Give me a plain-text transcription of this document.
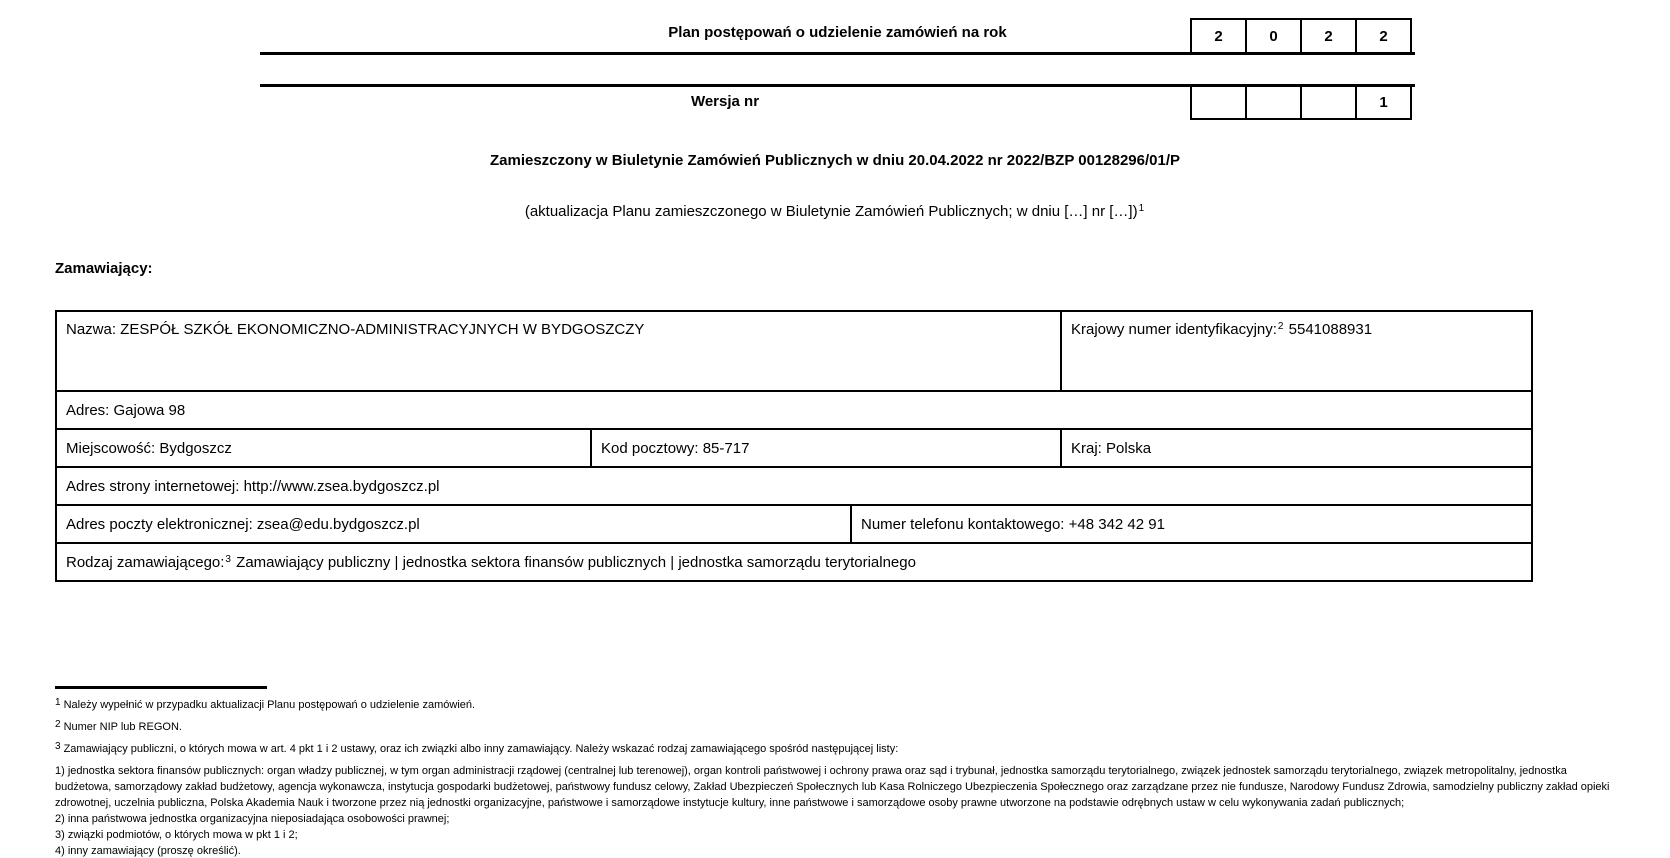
Plan postępowań o udzielenie zamówień na rok	2	0	2	2
Wersja nr	1
Zamieszczony w Biuletynie Zamówień Publicznych w dniu 20.04.2022 nr 2022/BZP 00128296/01/P
(aktualizacja Planu zamieszczonego w Biuletynie Zamówień Publicznych; w dniu […] nr […])$^1$
Zamawiający:
Nazwa: ZESPÓŁ SZKÓŁ EKONOMICZNO-ADMINISTRACYJNYCH W BYDGOSZCZY			Krajowy numer identyfikacyjny:$^2$ 5541088931
Adres: Gajowa 98			
Miejscowość: Bydgoszcz	Kod pocztowy: 85-717		Kraj: Polska
Adres strony internetowej: http://www.zsea.bydgoszcz.pl			
Adres poczty elektronicznej: zsea@edu.bydgoszcz.pl		Numer telefonu kontaktowego: +48 342 42 91	
Rodzaj zamawiającego:$^3$ Zamawiający publiczny | jednostka sektora finansów publicznych | jednostka samorządu terytorialnego			

1 Należy wypełnić w przypadku aktualizacji Planu postępowań o udzielenie zamówień.

2 Numer NIP lub REGON.

3 Zamawiający publiczni, o których mowa w art. 4 pkt 1 i 2 ustawy, oraz ich związki albo inny zamawiający. Należy wskazać rodzaj zamawiającego spośród następującej listy:

1) jednostka sektora finansów publicznych: organ władzy publicznej, w tym organ administracji rządowej (centralnej lub terenowej), organ kontroli państwowej i ochrony prawa oraz sąd i trybunał, jednostka samorządu terytorialnego, związek jednostek samorządu terytorialnego, związek metropolitalny, jednostka budżetowa, samorządowy zakład budżetowy, agencja wykonawcza, instytucja gospodarki budżetowej, państwowy fundusz celowy, Zakład Ubezpieczeń Społecznych lub Kasa Rolniczego Ubezpieczenia Społecznego oraz zarządzane przez nie fundusze, Narodowy Fundusz Zdrowia, samodzielny publiczny zakład opieki zdrowotnej, uczelnia publiczna, Polska Akademia Nauk i tworzone przez nią jednostki organizacyjne, państwowe i samorządowe instytucje kultury, inne państwowe i samorządowe osoby prawne utworzone na podstawie odrębnych ustaw w celu wykonywania zadań publicznych;

2) inna państwowa jednostka organizacyjna nieposiadająca osobowości prawnej;

3) związki podmiotów, o których mowa w pkt 1 i 2;

4) inny zamawiający (proszę określić).
